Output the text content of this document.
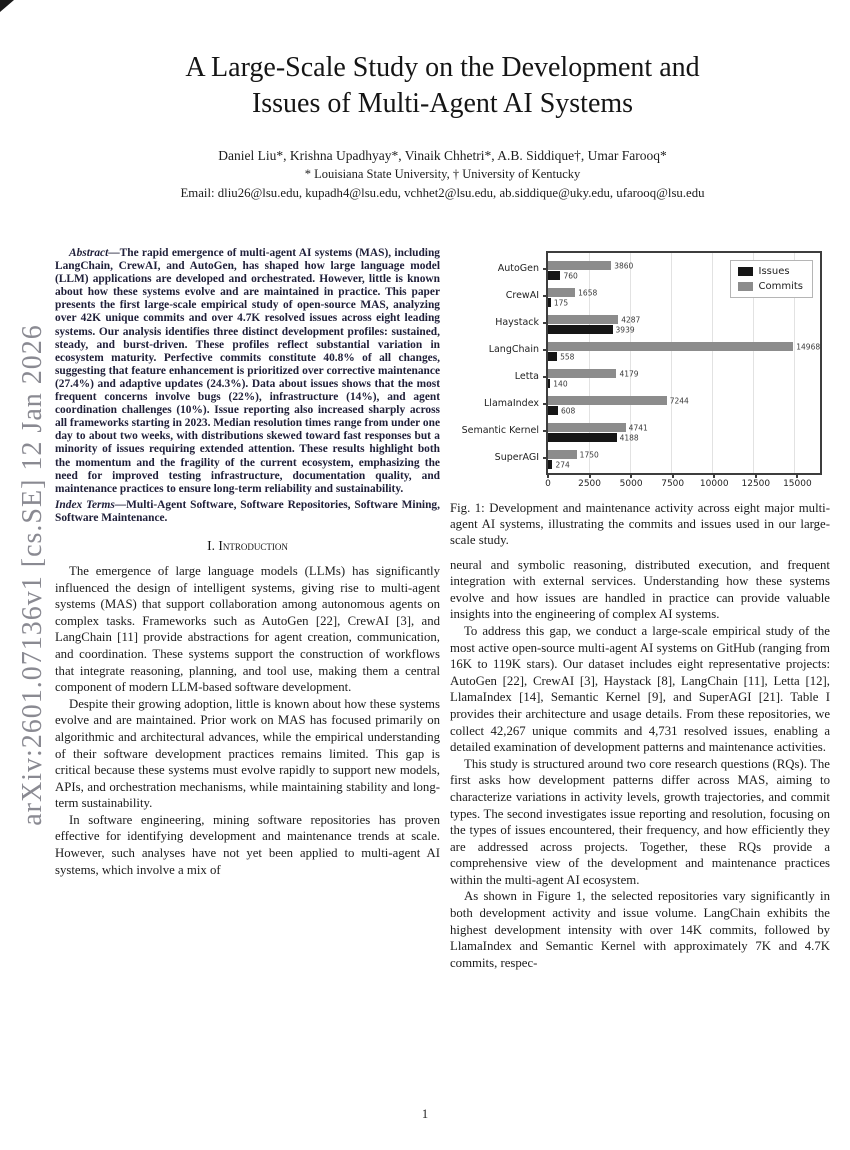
arXiv:2601.07136v1 [cs.SE] 12 Jan 2026
A Large-Scale Study on the Development and
Issues of Multi-Agent AI Systems
Daniel Liu*, Krishna Upadhyay*, Vinaik Chhetri*, A.B. Siddique†, Umar Farooq*
* Louisiana State University, † University of Kentucky
Email: dliu26@lsu.edu, kupadh4@lsu.edu, vchhet2@lsu.edu, ab.siddique@uky.edu, ufarooq@lsu.edu

Abstract—The rapid emergence of multi-agent AI systems (MAS), including LangChain, CrewAI, and AutoGen, has shaped how large language model (LLM) applications are developed and orchestrated. However, little is known about how these systems evolve and are maintained in practice. This paper presents the first large-scale empirical study of open-source MAS, analyzing over 42K unique commits and over 4.7K resolved issues across eight leading systems. Our analysis identifies three distinct development profiles: sustained, steady, and burst-driven. These profiles reflect substantial variation in ecosystem maturity. Perfective commits constitute 40.8% of all changes, suggesting that feature enhancement is prioritized over corrective maintenance (27.4%) and adaptive updates (24.3%). Data about issues shows that the most frequent concerns involve bugs (22%), infrastructure (14%), and agent coordination challenges (10%). Issue reporting also increased sharply across all frameworks starting in 2023. Median resolution times range from under one day to about two weeks, with distributions skewed toward fast responses but a minority of issues requiring extended attention. These results highlight both the momentum and the fragility of the current ecosystem, emphasizing the need for improved testing infrastructure, documentation quality, and maintenance practices to ensure long-term reliability and sustainability.

Index Terms—Multi-Agent Software, Software Repositories, Software Mining, Software Maintenance.
I. Introduction

The emergence of large language models (LLMs) has significantly influenced the design of intelligent systems, giving rise to multi-agent systems (MAS) that support collaboration among autonomous agents on complex tasks. Frameworks such as AutoGen [22], CrewAI [3], and LangChain [11] provide abstractions for agent creation, communication, and coordination. These systems support the construction of workflows that integrate reasoning, planning, and tool use, making them a central component of modern LLM-based software development.

Despite their growing adoption, little is known about how these systems evolve and are maintained. Prior work on MAS has focused primarily on algorithmic and architectural advances, while the empirical understanding of their software development practices remains limited. This gap is critical because these systems must evolve rapidly to support new models, APIs, and orchestration mechanisms, while maintaining stability and long-term sustainability.

In software engineering, mining software repositories has proven effective for identifying development and maintenance trends at scale. However, such analyses have not yet been applied to multi-agent AI systems, which involve a mix of

AutoGen
CrewAI
Haystack
LangChain
Letta
LlamaIndex
Semantic Kernel
SuperAGI
Issues
Commits
3860
760
1658
175
4287
3939
14968
558
4179
140
7244
608
4741
4188
1750
274
0	2500 5000 7500 10000 12500 15000
Fig. 1: Development and maintenance activity across eight major multi-agent AI systems, illustrating the commits and issues used in our large-scale study.

neural and symbolic reasoning, distributed execution, and frequent integration with external services. Understanding how these systems evolve and how issues are handled in practice can provide valuable insights into the engineering of complex AI systems.

To address this gap, we conduct a large-scale empirical study of the most active open-source multi-agent AI systems on GitHub (ranging from 16K to 119K stars). Our dataset includes eight representative projects: AutoGen [22], CrewAI [3], Haystack [8], LangChain [11], Letta [12], LlamaIndex [14], Semantic Kernel [9], and SuperAGI [21]. Table I provides their architecture and usage details. From these repositories, we collect 42,267 unique commits and 4,731 resolved issues, enabling a detailed examination of development patterns and maintenance activities.

This study is structured around two core research questions (RQs). The first asks how development patterns differ across MAS, aiming to characterize variations in activity levels, growth trajectories, and commit types. The second investigates issue reporting and resolution, focusing on the types of issues encountered, their frequency, and how efficiently they are addressed across projects. Together, these RQs provide a comprehensive view of the development and maintenance practices within the multi-agent AI ecosystem.

As shown in Figure 1, the selected repositories vary significantly in both development activity and issue volume. LangChain exhibits the highest development intensity with over 14K commits, followed by LlamaIndex and Semantic Kernel with approximately 7K and 4.7K commits, respec-

1
